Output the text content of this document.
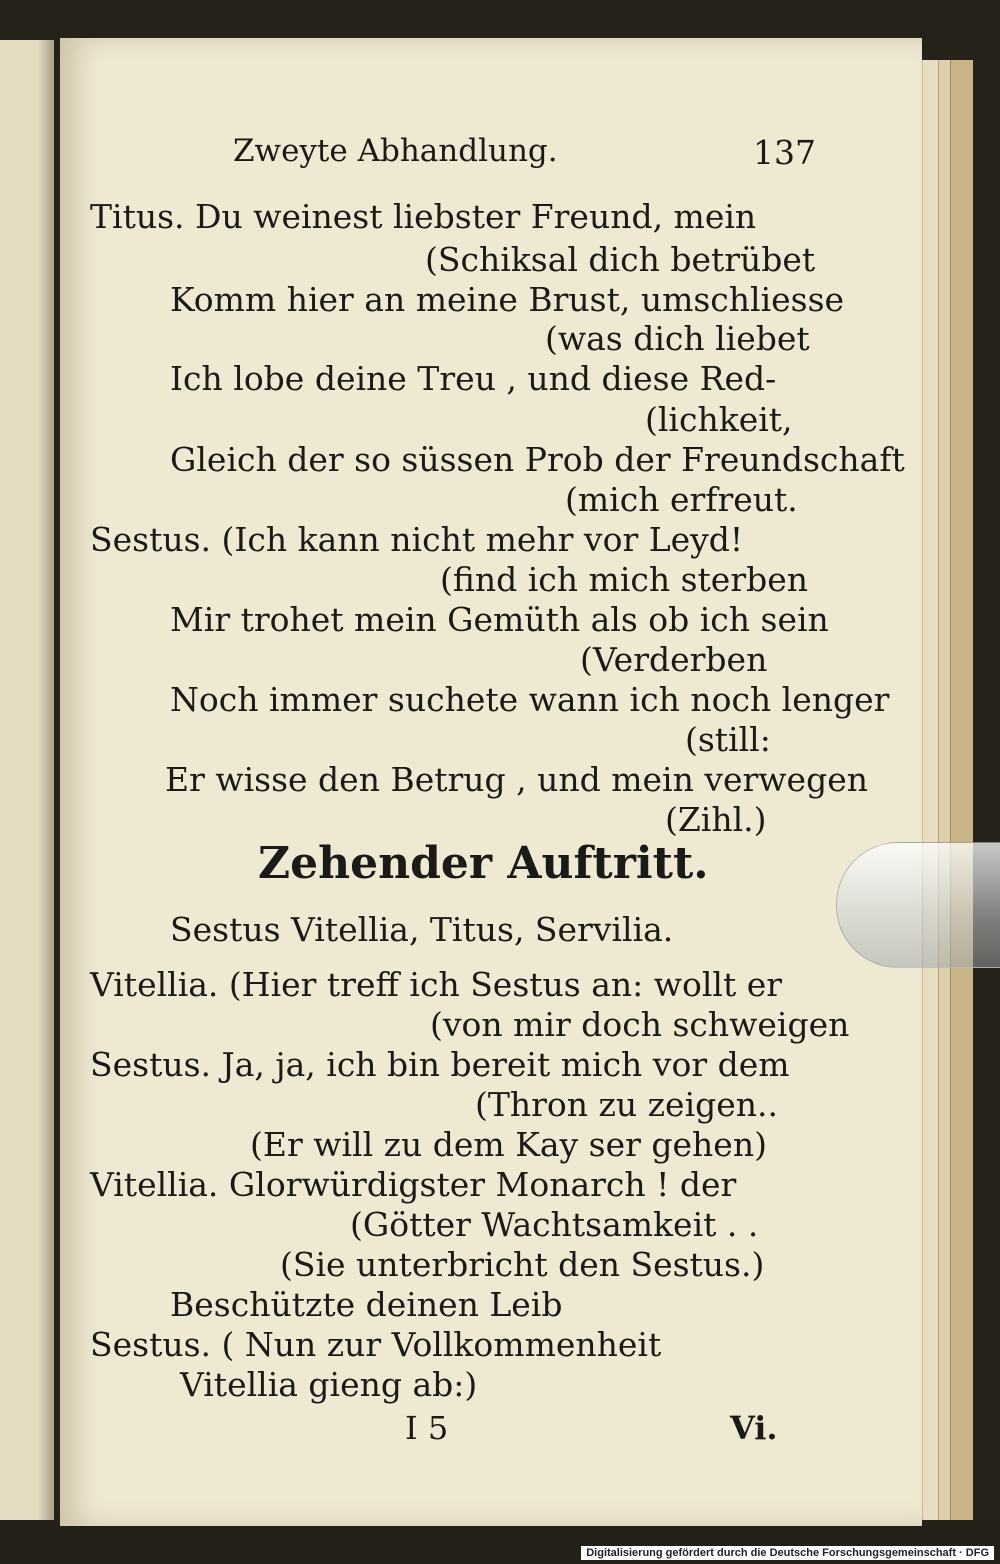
Zweyte Abhandlung.	137
Titus. Du weinest liebster Freund, mein
(Schiksal dich betrübet
Komm hier an meine Brust, umschliesse
(was dich liebet
Ich lobe deine Treu , und diese Red-
(lichkeit,
Gleich der so süssen Prob der Freundschaft
(mich erfreut.
Sestus. (Ich kann nicht mehr vor Leyd!
(find ich mich sterben
Mir trohet mein Gemüth als ob ich sein
(Verderben
Noch immer suchete wann ich noch lenger
(still:
Er wisse den Betrug , und mein verwegen
(Zihl.)
Zehender Auftritt.
Sestus Vitellia, Titus, Servilia.
Vitellia. (Hier treff ich Sestus an: wollt er
(von mir doch schweigen
Sestus. Ja, ja, ich bin bereit mich vor dem
(Thron zu zeigen..
(Er will zu dem Kay ser gehen)
Vitellia. Glorwürdigster Monarch ! der
(Götter Wachtsamkeit . .
(Sie unterbricht den Sestus.)
Beschützte deinen Leib
Sestus. ( Nun zur Vollkommenheit
Vitellia gieng ab:)
I 5	Vi.
Digitalisierung gefördert durch die Deutsche Forschungsgemeinschaft · DFG
